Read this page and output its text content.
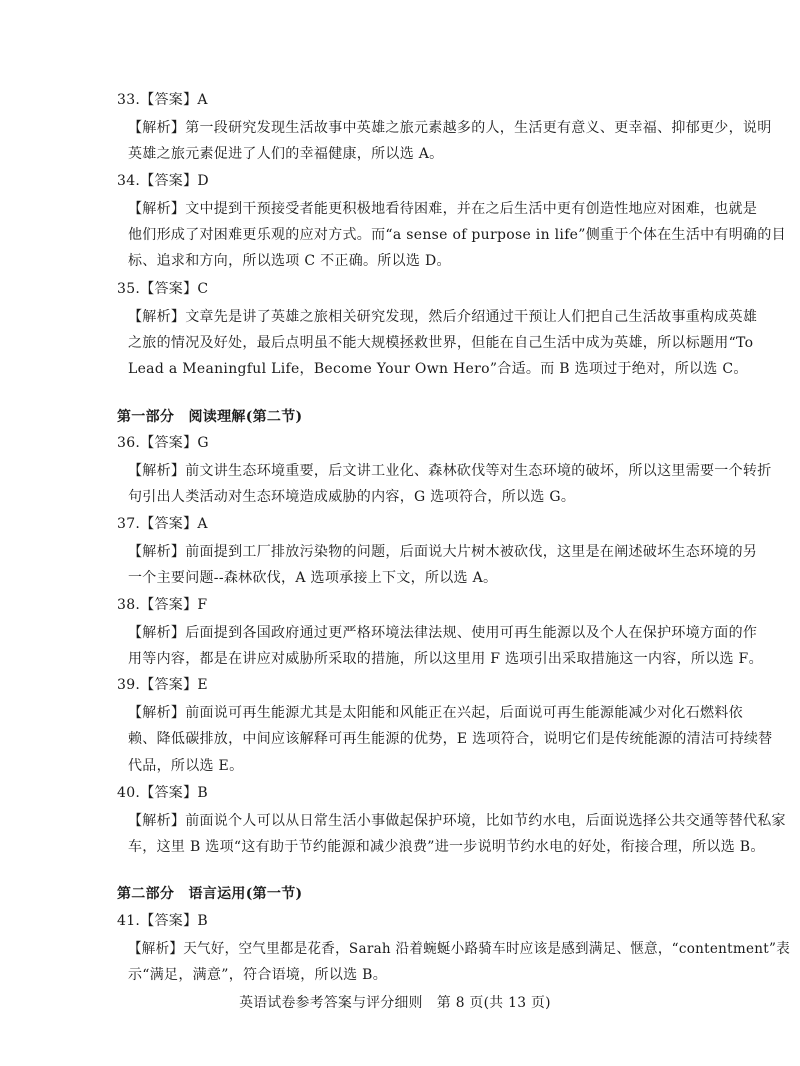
33.【答案】A
【解析】第一段研究发现生活故事中英雄之旅元素越多的人，生活更有意义、更幸福、抑郁更少，说明
英雄之旅元素促进了人们的幸福健康，所以选 A。
34.【答案】D
【解析】文中提到干预接受者能更积极地看待困难，并在之后生活中更有创造性地应对困难，也就是
他们形成了对困难更乐观的应对方式。而“a sense of purpose in life”侧重于个体在生活中有明确的目
标、追求和方向，所以选项 C 不正确。所以选 D。
35.【答案】C
【解析】文章先是讲了英雄之旅相关研究发现，然后介绍通过干预让人们把自己生活故事重构成英雄
之旅的情况及好处，最后点明虽不能大规模拯救世界，但能在自己生活中成为英雄，所以标题用“To
Lead a Meaningful Life，Become Your Own Hero”合适。而 B 选项过于绝对，所以选 C。
第一部分　阅读理解(第二节)
36.【答案】G
【解析】前文讲生态环境重要，后文讲工业化、森林砍伐等对生态环境的破坏，所以这里需要一个转折
句引出人类活动对生态环境造成威胁的内容，G 选项符合，所以选 G。
37.【答案】A
【解析】前面提到工厂排放污染物的问题，后面说大片树木被砍伐，这里是在阐述破坏生态环境的另
一个主要问题--森林砍伐，A 选项承接上下文，所以选 A。
38.【答案】F
【解析】后面提到各国政府通过更严格环境法律法规、使用可再生能源以及个人在保护环境方面的作
用等内容，都是在讲应对威胁所采取的措施，所以这里用 F 选项引出采取措施这一内容，所以选 F。
39.【答案】E
【解析】前面说可再生能源尤其是太阳能和风能正在兴起，后面说可再生能源能减少对化石燃料依
赖、降低碳排放，中间应该解释可再生能源的优势，E 选项符合，说明它们是传统能源的清洁可持续替
代品，所以选 E。
40.【答案】B
【解析】前面说个人可以从日常生活小事做起保护环境，比如节约水电，后面说选择公共交通等替代私家
车，这里 B 选项“这有助于节约能源和减少浪费”进一步说明节约水电的好处，衔接合理，所以选 B。
第二部分　语言运用(第一节)
41.【答案】B
【解析】天气好，空气里都是花香，Sarah 沿着蜿蜒小路骑车时应该是感到满足、惬意，“contentment”表
示“满足，满意”，符合语境，所以选 B。
英语试卷参考答案与评分细则　第 8 页(共 13 页)
